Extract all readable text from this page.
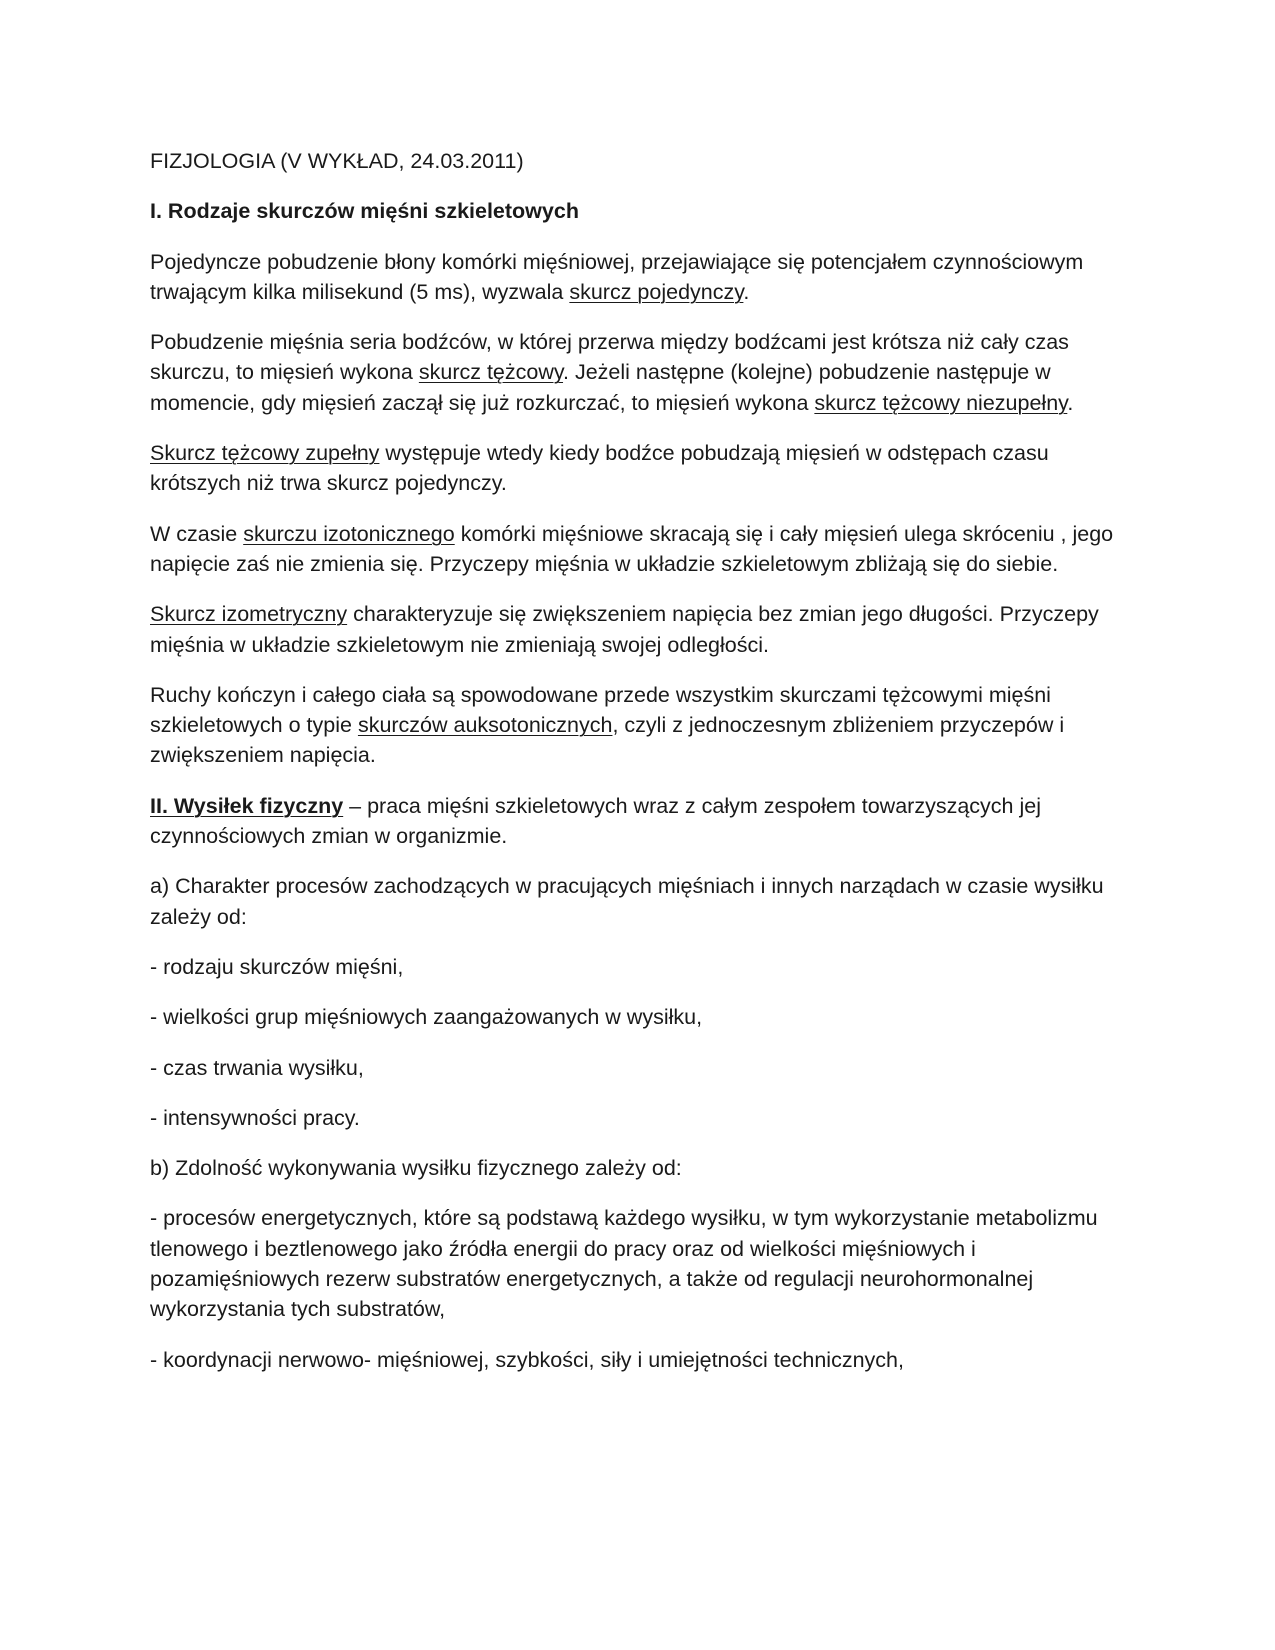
FIZJOLOGIA (V WYKŁAD, 24.03.2011)

I. Rodzaje skurczów mięśni szkieletowych

Pojedyncze pobudzenie błony komórki mięśniowej, przejawiające się potencjałem czynnościowym trwającym kilka milisekund (5 ms), wyzwala skurcz pojedynczy.

Pobudzenie mięśnia seria bodźców, w której przerwa między bodźcami jest krótsza niż cały czas skurczu, to mięsień wykona skurcz tężcowy. Jeżeli następne (kolejne) pobudzenie następuje w momencie, gdy mięsień zaczął się już rozkurczać, to mięsień wykona skurcz tężcowy niezupełny.

Skurcz tężcowy zupełny występuje wtedy kiedy bodźce pobudzają mięsień w odstępach czasu krótszych niż trwa skurcz pojedynczy.

W czasie skurczu izotonicznego komórki mięśniowe skracają się i cały mięsień ulega skróceniu , jego napięcie zaś nie zmienia się. Przyczepy mięśnia w układzie szkieletowym zbliżają się do siebie.

Skurcz izometryczny charakteryzuje się zwiększeniem napięcia bez zmian jego długości. Przyczepy mięśnia w układzie szkieletowym nie zmieniają swojej odległości.

Ruchy kończyn i całego ciała są spowodowane przede wszystkim skurczami tężcowymi mięśni szkieletowych o typie skurczów auksotonicznych, czyli z jednoczesnym zbliżeniem przyczepów i zwiększeniem napięcia.

II. Wysiłek fizyczny – praca mięśni szkieletowych wraz z całym zespołem towarzyszących jej czynnościowych zmian w organizmie.

a) Charakter procesów zachodzących w pracujących mięśniach i innych narządach w czasie wysiłku zależy od:

- rodzaju skurczów mięśni,

- wielkości grup mięśniowych zaangażowanych w wysiłku,

- czas trwania wysiłku,

- intensywności pracy.

b) Zdolność wykonywania wysiłku fizycznego zależy od:

- procesów energetycznych, które są podstawą każdego wysiłku, w tym wykorzystanie metabolizmu tlenowego i beztlenowego jako źródła energii do pracy oraz od wielkości mięśniowych i pozamięśniowych rezerw substratów energetycznych, a także od regulacji neurohormonalnej wykorzystania tych substratów,

- koordynacji nerwowo- mięśniowej, szybkości, siły i umiejętności technicznych,
